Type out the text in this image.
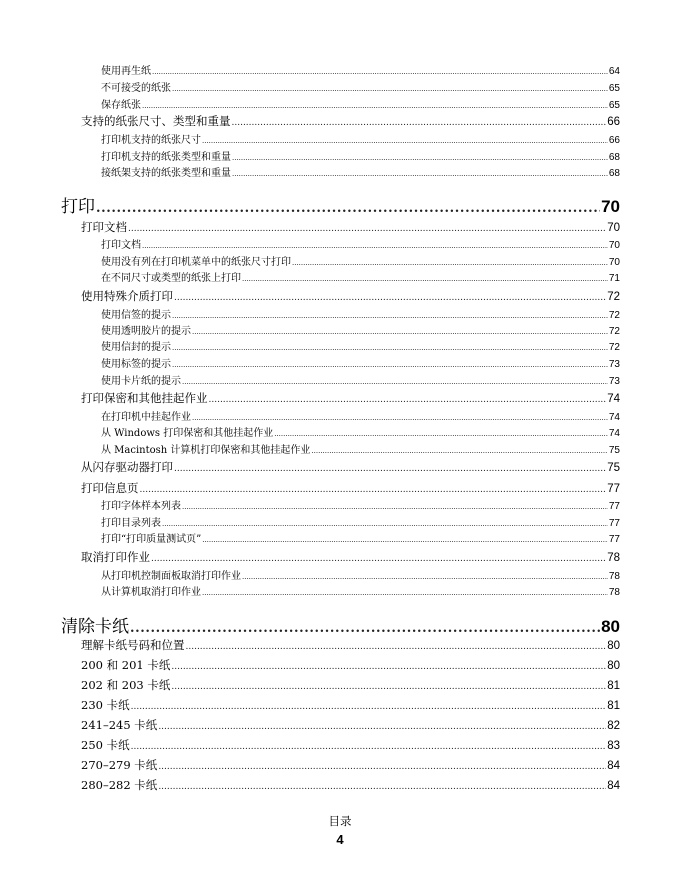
使用再生纸 .....	64
不可接受的纸张 .....	65
保存纸张 .....	65
支持的纸张尺寸、类型和重量 .....	66
打印机支持的纸张尺寸 .....	66
打印机支持的纸张类型和重量 .....	68
接纸架支持的纸张类型和重量 .....	68
打印 .....	70
打印文档 .....	70
打印文档 .....	70
使用没有列在打印机菜单中的纸张尺寸打印 .....	70
在不同尺寸或类型的纸张上打印 .....	71
使用特殊介质打印 .....	72
使用信签的提示 .....	72
使用透明胶片的提示 .....	72
使用信封的提示 .....	72
使用标签的提示 .....	73
使用卡片纸的提示 .....	73
打印保密和其他挂起作业 .....	74
在打印机中挂起作业 .....	74
从 Windows 打印保密和其他挂起作业 .....	74
从 Macintosh 计算机打印保密和其他挂起作业 .....	75
从闪存驱动器打印 .....	75
打印信息页 .....	77
打印字体样本列表 .....	77
打印目录列表 .....	77
打印“打印质量测试页” .....	77
取消打印作业 .....	78
从打印机控制面板取消打印作业 .....	78
从计算机取消打印作业 .....	78
清除卡纸 .....	80
理解卡纸号码和位置 .....	80
200 和 201 卡纸 .....	80
202 和 203 卡纸 .....	81
230 卡纸 .....	81
241–245 卡纸 .....	82
250 卡纸 .....	83
270–279 卡纸 .....	84
280–282 卡纸 .....	84
目录
4
